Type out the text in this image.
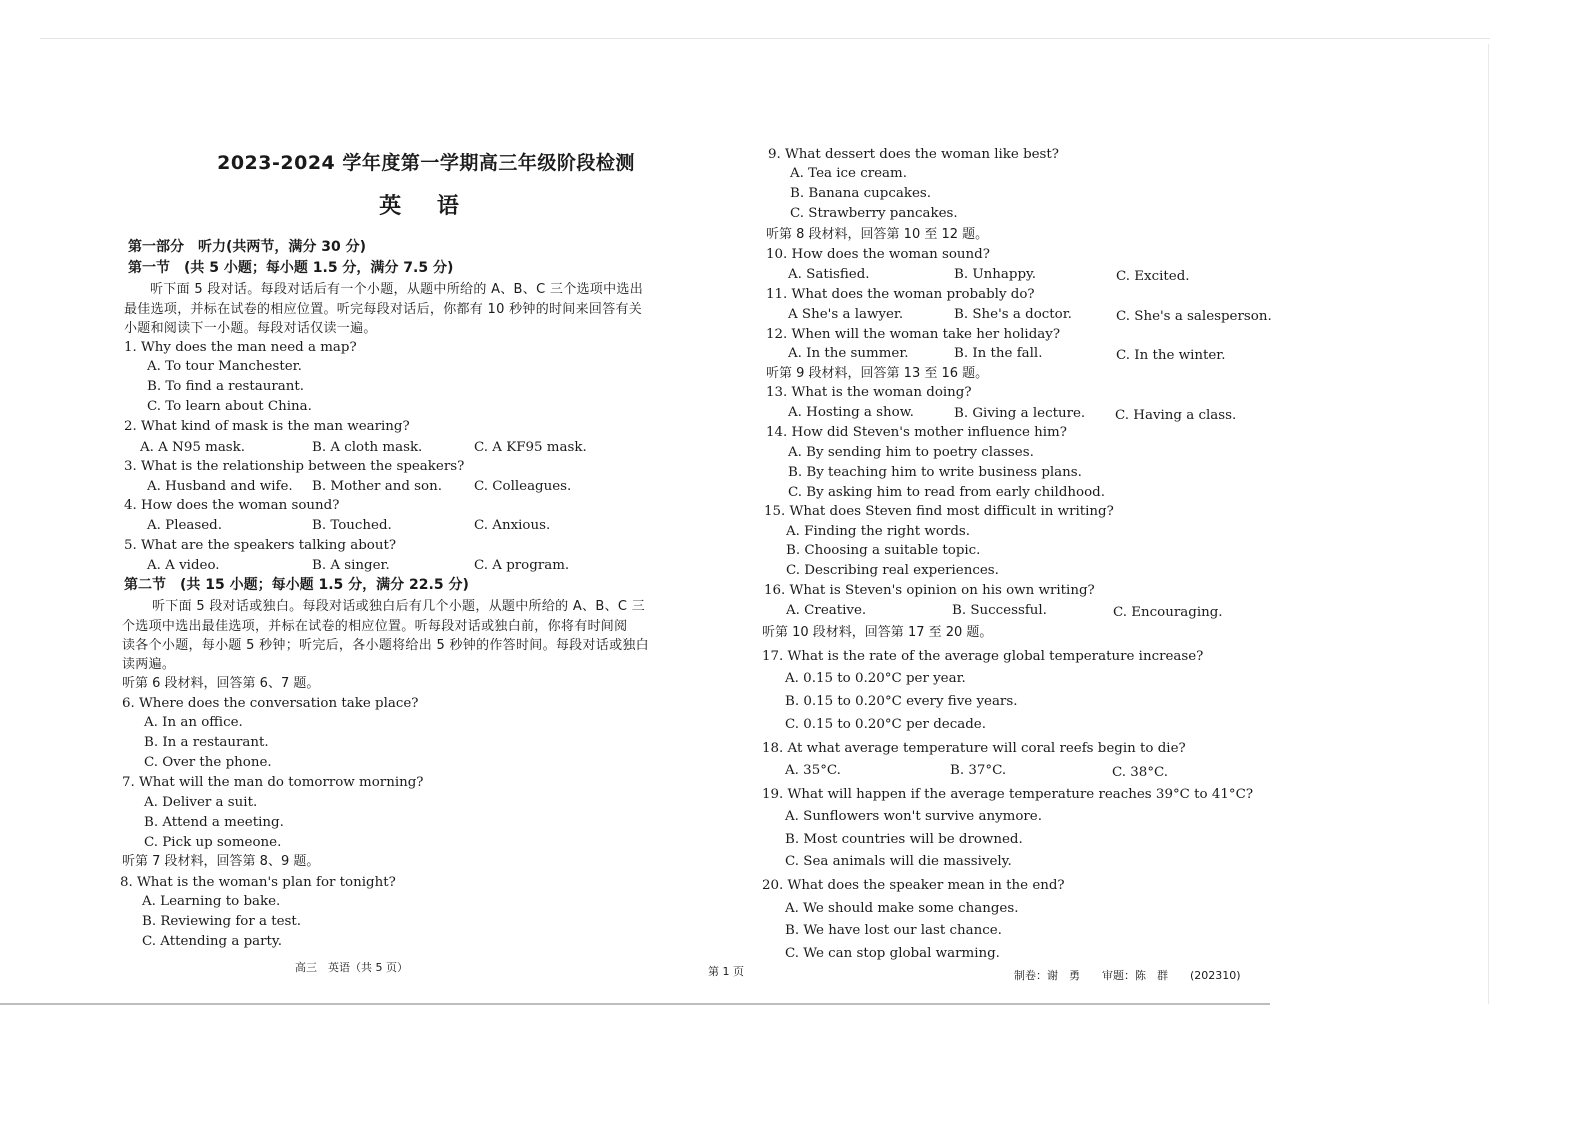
2023-2024 学年度第一学期高三年级阶段检测
英 语
第一部分　听力(共两节，满分 30 分)
第一节　(共 5 小题；每小题 1.5 分，满分 7.5 分)
听下面 5 段对话。每段对话后有一个小题，从题中所给的 A、B、C 三个选项中选出
最佳选项，并标在试卷的相应位置。听完每段对话后，你都有 10 秒钟的时间来回答有关
小题和阅读下一小题。每段对话仅读一遍。
1. Why does the man need a map?
A. To tour Manchester.
B. To find a restaurant.
C. To learn about China.
2. What kind of mask is the man wearing?
A. A N95 mask.	B. A cloth mask.	C. A KF95 mask.
3. What is the relationship between the speakers?
A. Husband and wife. B. Mother and son. C. Colleagues.
4. How does the woman sound?
A. Pleased.	B. Touched.	C. Anxious.
5. What are the speakers talking about?
A. A video.	B. A singer.	C. A program.
第二节　(共 15 小题；每小题 1.5 分，满分 22.5 分)
听下面 5 段对话或独白。每段对话或独白后有几个小题，从题中所给的 A、B、C 三
个选项中选出最佳选项，并标在试卷的相应位置。听每段对话或独白前，你将有时间阅
读各个小题，每小题 5 秒钟；听完后，各小题将给出 5 秒钟的作答时间。每段对话或独白
读两遍。
听第 6 段材料，回答第 6、7 题。
6. Where does the conversation take place?
A. In an office.
B. In a restaurant.
C. Over the phone.
7. What will the man do tomorrow morning?
A. Deliver a suit.
B. Attend a meeting.
C. Pick up someone.
听第 7 段材料，回答第 8、9 题。
8. What is the woman's plan for tonight?
A. Learning to bake.
B. Reviewing for a test.
C. Attending a party.
9. What dessert does the woman like best?
A. Tea ice cream.
B. Banana cupcakes.
C. Strawberry pancakes.
听第 8 段材料，回答第 10 至 12 题。
10. How does the woman sound?
A. Satisfied.	B. Unhappy.	C. Excited.
11. What does the woman probably do?
A She's a lawyer.	B. She's a doctor.	C. She's a salesperson.
12. When will the woman take her holiday?
A. In the summer.	B. In the fall.	C. In the winter.
听第 9 段材料，回答第 13 至 16 题。
13. What is the woman doing?
A. Hosting a show.	B. Giving a lecture. C. Having a class.
14. How did Steven's mother influence him?
A. By sending him to poetry classes.
B. By teaching him to write business plans.
C. By asking him to read from early childhood.
15. What does Steven find most difficult in writing?
A. Finding the right words.
B. Choosing a suitable topic.
C. Describing real experiences.
16. What is Steven's opinion on his own writing?
A. Creative.	B. Successful.	C. Encouraging.
听第 10 段材料，回答第 17 至 20 题。
17. What is the rate of the average global temperature increase?
A. 0.15 to 0.20°C per year.
B. 0.15 to 0.20°C every five years.
C. 0.15 to 0.20°C per decade.
18. At what average temperature will coral reefs begin to die?
A. 35°C.	B. 37°C.	C. 38°C.
19. What will happen if the average temperature reaches 39°C to 41°C?
A. Sunflowers won't survive anymore.
B. Most countries will be drowned.
C. Sea animals will die massively.
20. What does the speaker mean in the end?
A. We should make some changes.
B. We have lost our last chance.
C. We can stop global warming.
高三　英语（共 5 页）	第 1 页	制卷：谢　勇　　审题：陈　群　　(202310)
